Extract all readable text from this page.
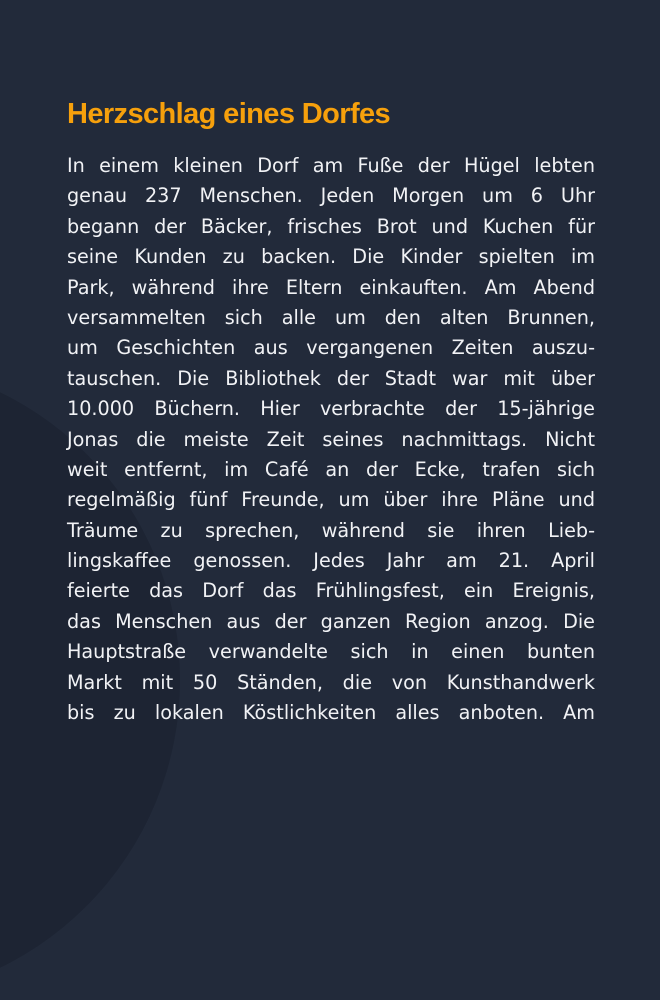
Herzschlag eines Dorfes
In einem kleinen Dorf am Fuße der Hügel lebten
genau 237 Menschen. Jeden Morgen um 6 Uhr
begann der Bäcker, frisches Brot und Kuchen für
seine Kunden zu backen. Die Kinder spielten im
Park, während ihre Eltern einkauften. Am Abend
versammelten sich alle um den alten Brunnen,
um Geschichten aus vergangenen Zeiten auszu-
tauschen. Die Bibliothek der Stadt war mit über
10.000 Büchern. Hier verbrachte der 15-jährige
Jonas die meiste Zeit seines nachmittags. Nicht
weit entfernt, im Café an der Ecke, trafen sich
regelmäßig fünf Freunde, um über ihre Pläne und
Träume zu sprechen, während sie ihren Lieb-
lingskaffee genossen. Jedes Jahr am 21. April
feierte das Dorf das Frühlingsfest, ein Ereignis,
das Menschen aus der ganzen Region anzog. Die
Hauptstraße verwandelte sich in einen bunten
Markt mit 50 Ständen, die von Kunsthandwerk
bis zu lokalen Köstlichkeiten alles anboten. Am
